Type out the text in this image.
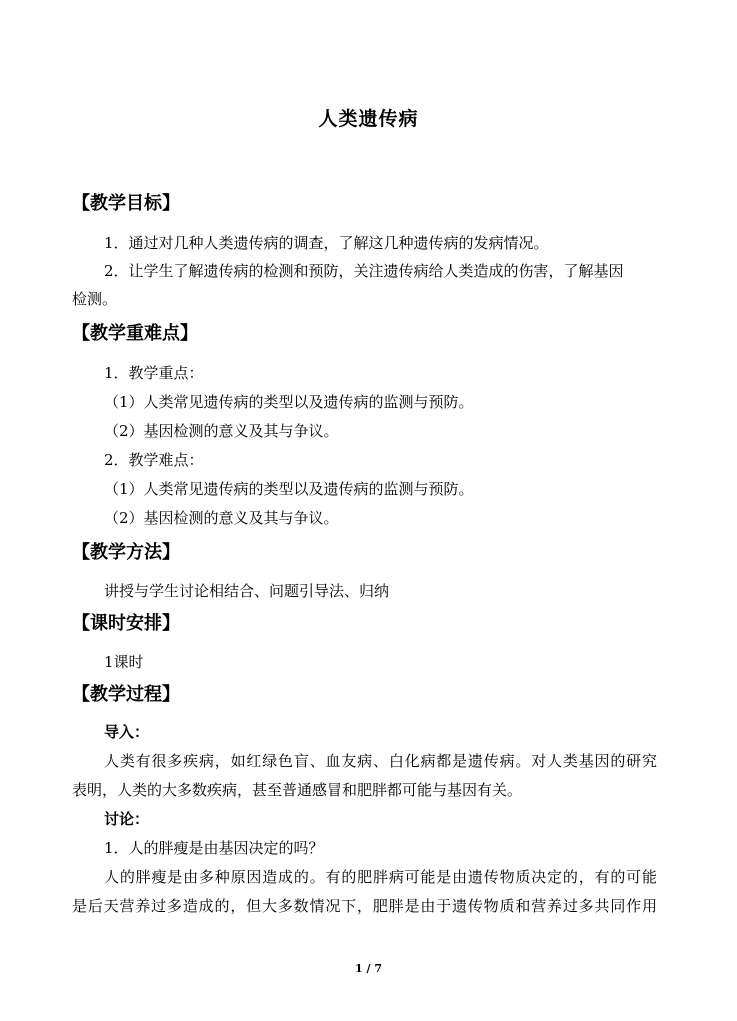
人类遗传病
【教学目标】
1．通过对几种人类遗传病的调查，了解这几种遗传病的发病情况。
2．让学生了解遗传病的检测和预防，关注遗传病给人类造成的伤害，了解基因
检测。
【教学重难点】
1．教学重点：
（1）人类常见遗传病的类型以及遗传病的监测与预防。
（2）基因检测的意义及其与争议。
2．教学难点：
（1）人类常见遗传病的类型以及遗传病的监测与预防。
（2）基因检测的意义及其与争议。
【教学方法】
讲授与学生讨论相结合、问题引导法、归纳
【课时安排】
1课时
【教学过程】
导入：
人类有很多疾病，如红绿色盲、血友病、白化病都是遗传病。对人类基因的研究
表明，人类的大多数疾病，甚至普通感冒和肥胖都可能与基因有关。
讨论：
1．人的胖瘦是由基因决定的吗？
人的胖瘦是由多种原因造成的。有的肥胖病可能是由遗传物质决定的，有的可能
是后天营养过多造成的，但大多数情况下，肥胖是由于遗传物质和营养过多共同作用
1 / 7
